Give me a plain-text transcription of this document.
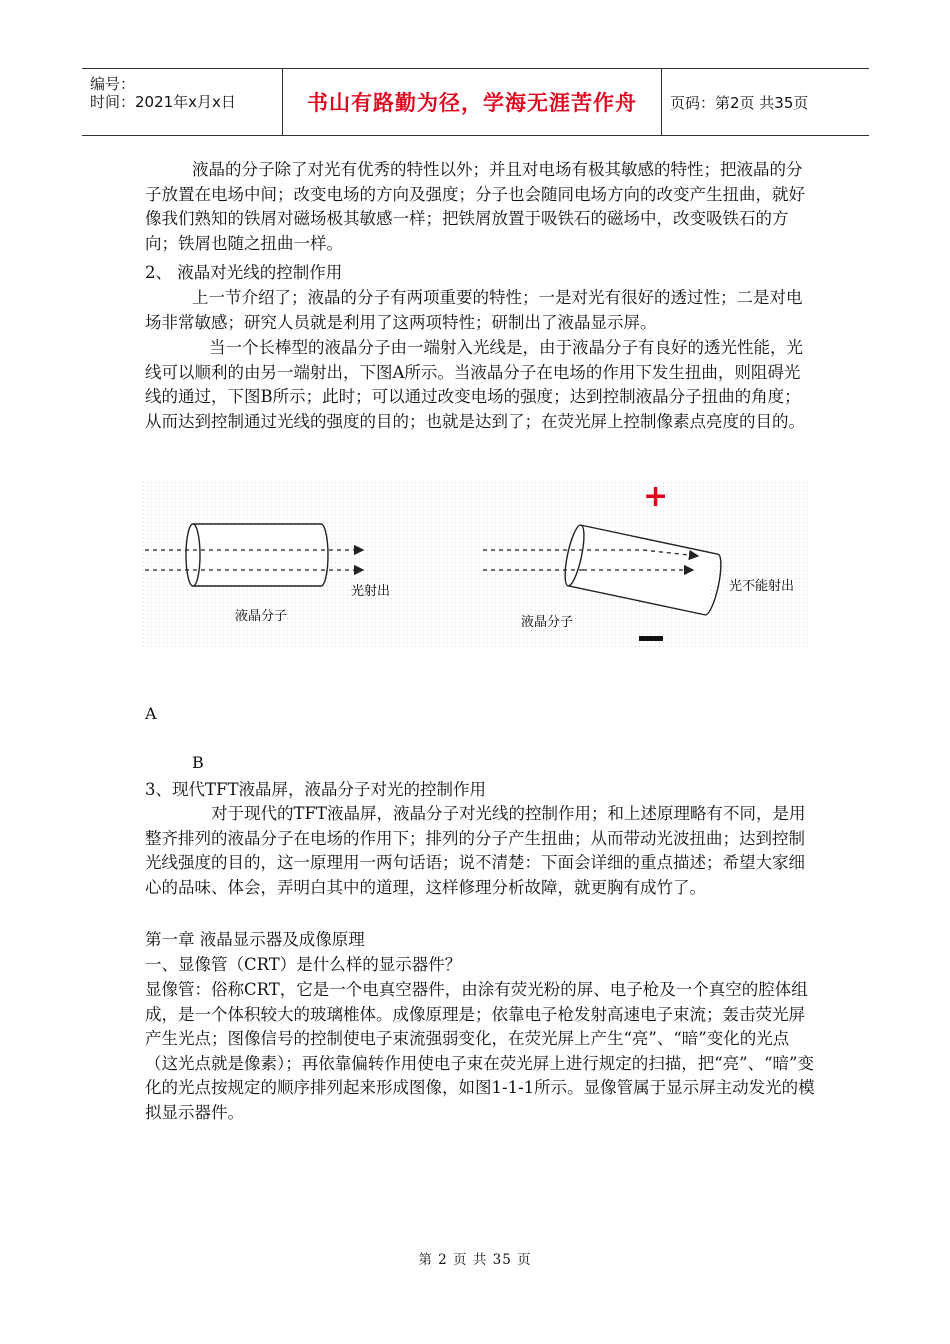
编号：
时间：2021年x月x日	书山有路勤为径，学海无涯苦作舟	页码：第2页 共35页

液晶的分子除了对光有优秀的特性以外；并且对电场有极其敏感的特性；把液晶的分子放置在电场中间；改变电场的方向及强度；分子也会随同电场方向的改变产生扭曲，就好像我们熟知的铁屑对磁场极其敏感一样；把铁屑放置于吸铁石的磁场中，改变吸铁石的方向；铁屑也随之扭曲一样。

2、 液晶对光线的控制作用

上一节介绍了；液晶的分子有两项重要的特性；一是对光有很好的透过性；二是对电场非常敏感；研究人员就是利用了这两项特性；研制出了液晶显示屏。

当一个长棒型的液晶分子由一端射入光线是，由于液晶分子有良好的透光性能，光线可以顺利的由另一端射出，下图A所示。当液晶分子在电场的作用下发生扭曲，则阻碍光线的通过，下图B所示；此时；可以通过改变电场的强度；达到控制液晶分子扭曲的角度；从而达到控制通过光线的强度的目的；也就是达到了；在荧光屏上控制像素点亮度的目的。

液晶分子
光射出
+
光不能射出
液晶分子
−
A
B

3、现代TFT液晶屏，液晶分子对光的控制作用

对于现代的TFT液晶屏，液晶分子对光线的控制作用；和上述原理略有不同，是用整齐排列的液晶分子在电场的作用下；排列的分子产生扭曲；从而带动光波扭曲；达到控制光线强度的目的，这一原理用一两句话语；说不清楚：下面会详细的重点描述；希望大家细心的品味、体会，弄明白其中的道理，这样修理分析故障，就更胸有成竹了。

第一章 液晶显示器及成像原理

一、显像管（CRT）是什么样的显示器件？

显像管：俗称CRT，它是一个电真空器件，由涂有荧光粉的屏、电子枪及一个真空的腔体组成，是一个体积较大的玻璃椎体。成像原理是；依靠电子枪发射高速电子束流；轰击荧光屏产生光点；图像信号的控制使电子束流强弱变化，在荧光屏上产生“亮”、“暗”变化的光点（这光点就是像素）；再依靠偏转作用使电子束在荧光屏上进行规定的扫描，把“亮”、“暗”变化的光点按规定的顺序排列起来形成图像，如图1-1-1所示。显像管属于显示屏主动发光的模拟显示器件。

第 2 页 共 35 页
